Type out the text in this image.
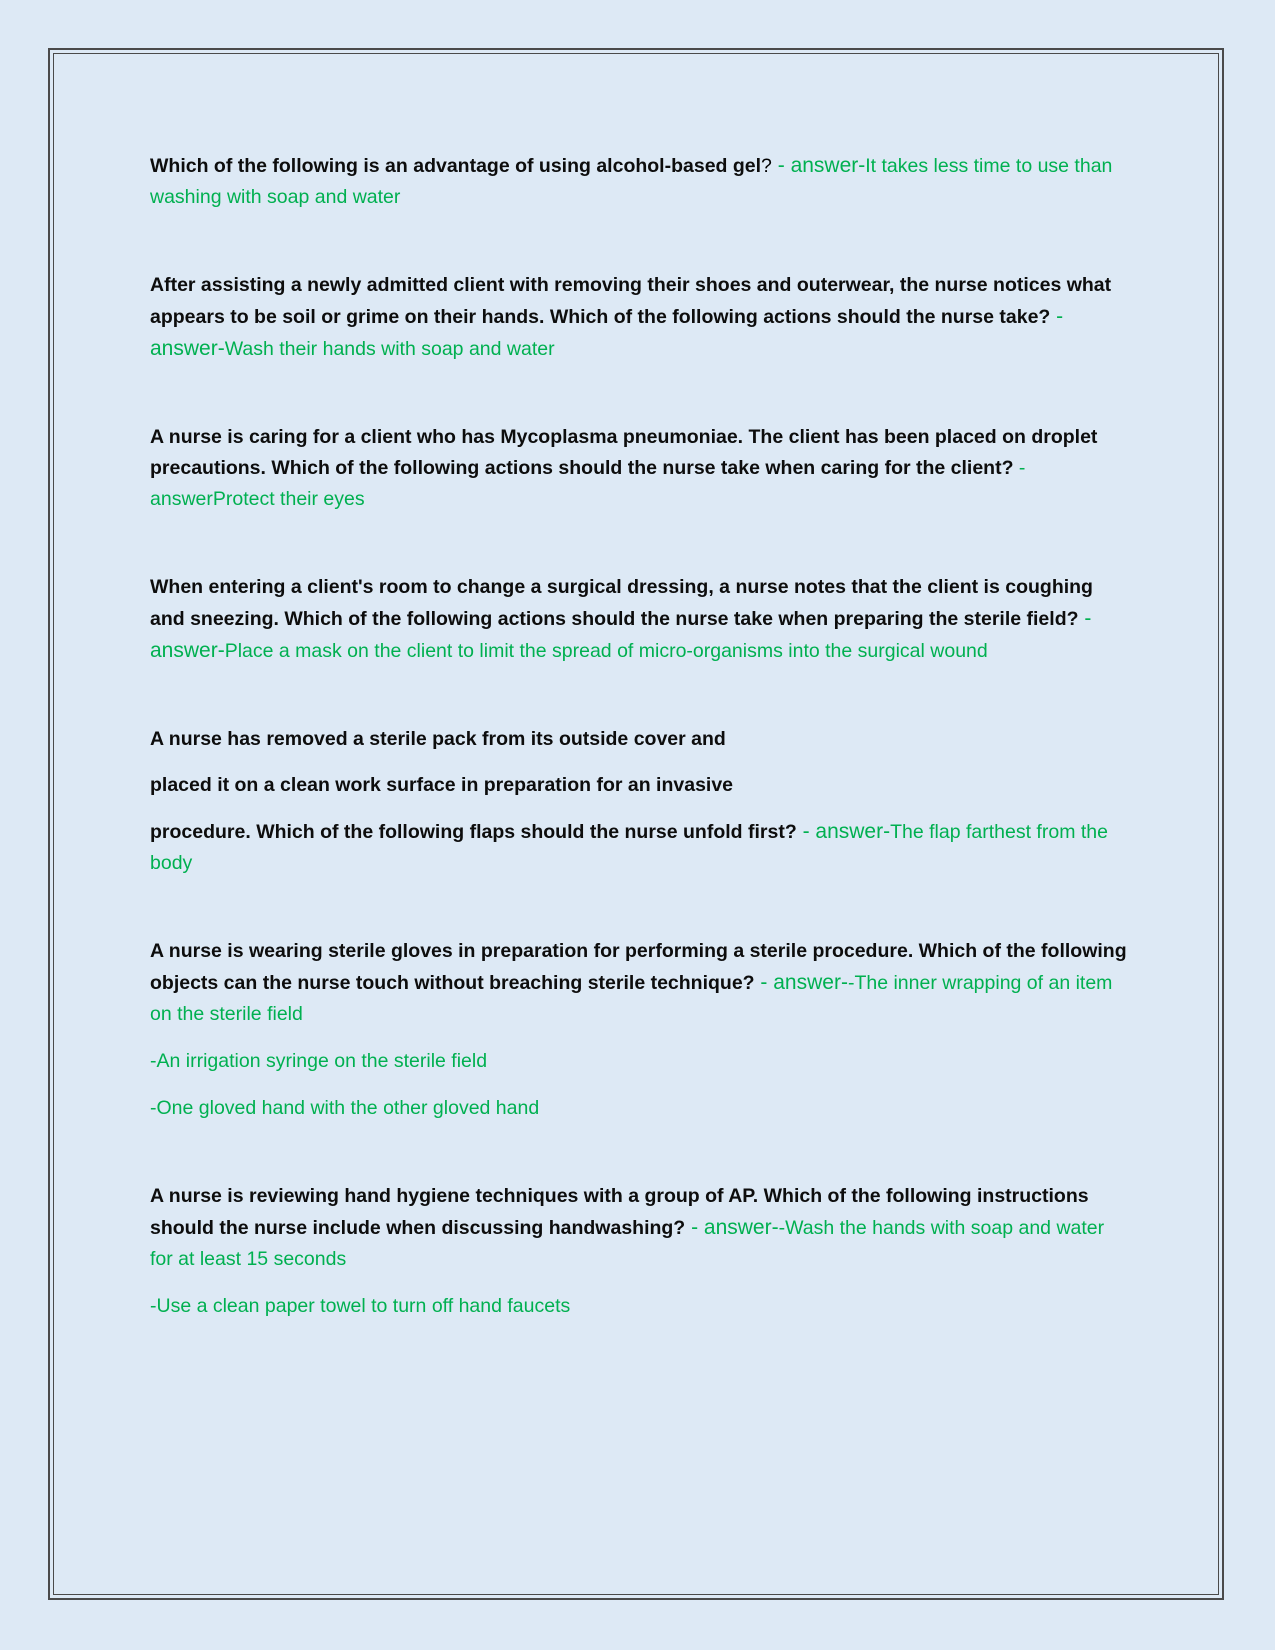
Which of the following is an advantage of using alcohol-based gel? - answer-It takes less time to use than washing with soap and water

After assisting a newly admitted client with removing their shoes and outerwear, the nurse notices what appears to be soil or grime on their hands. Which of the following actions should the nurse take? - answer-Wash their hands with soap and water

A nurse is caring for a client who has Mycoplasma pneumoniae. The client has been placed on droplet precautions. Which of the following actions should the nurse take when caring for the client? - answerProtect their eyes

When entering a client's room to change a surgical dressing, a nurse notes that the client is coughing and sneezing. Which of the following actions should the nurse take when preparing the sterile field? - answer-Place a mask on the client to limit the spread of micro-organisms into the surgical wound

A nurse has removed a sterile pack from its outside cover and

placed it on a clean work surface in preparation for an invasive

procedure. Which of the following flaps should the nurse unfold first? - answer-The flap farthest from the body

A nurse is wearing sterile gloves in preparation for performing a sterile procedure. Which of the following objects can the nurse touch without breaching sterile technique? - answer--The inner wrapping of an item on the sterile field

-An irrigation syringe on the sterile field

-One gloved hand with the other gloved hand

A nurse is reviewing hand hygiene techniques with a group of AP. Which of the following instructions should the nurse include when discussing handwashing? - answer--Wash the hands with soap and water for at least 15 seconds

-Use a clean paper towel to turn off hand faucets
